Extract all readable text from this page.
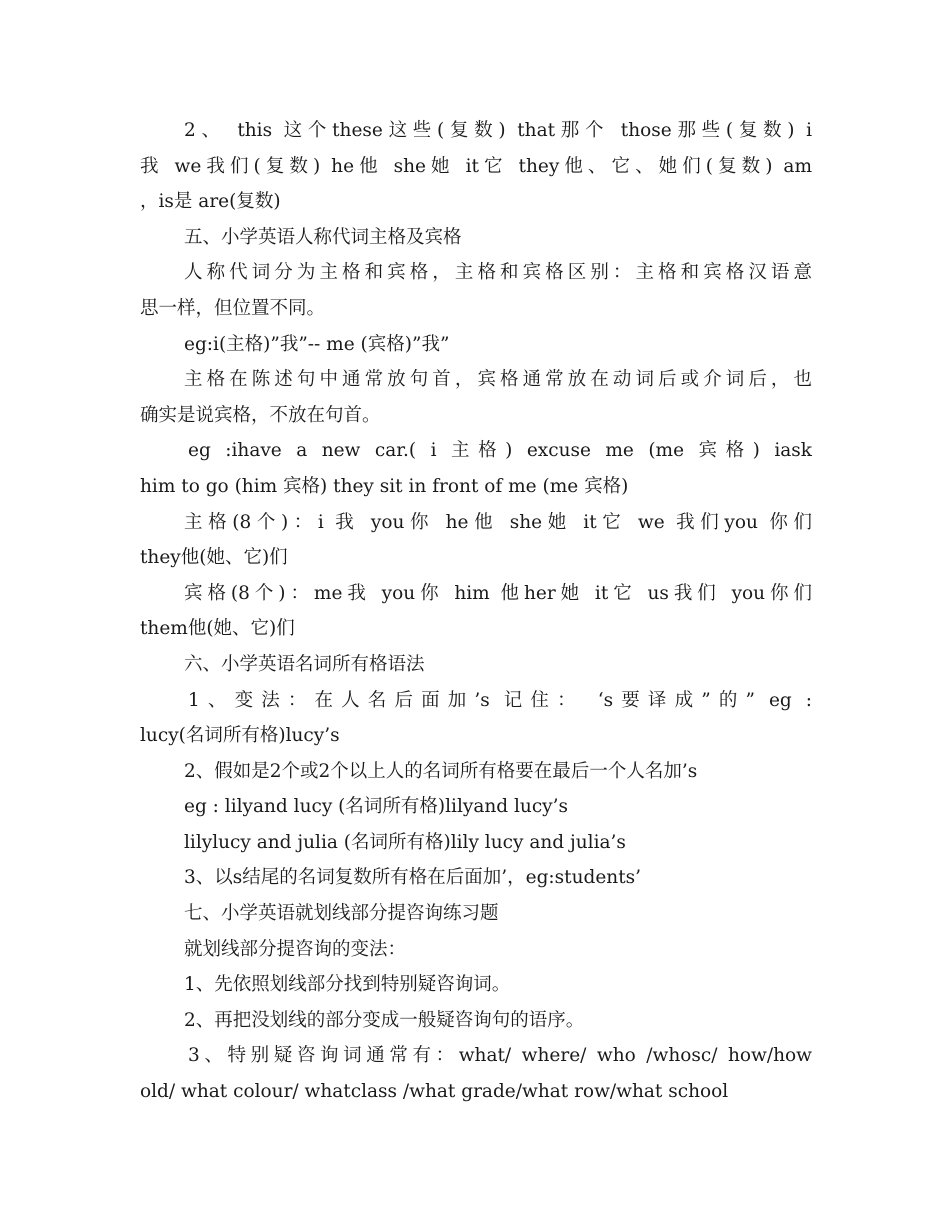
2、 this 这个these这些(复数) that那个 those那些(复数) i
我 we我们(复数) he他 she她 it它 they他、它、她们(复数) am
，is是 are(复数)
五、小学英语人称代词主格及宾格
人称代词分为主格和宾格，主格和宾格区别：主格和宾格汉语意
思一样，但位置不同。
eg:i(主格)”我”-- me (宾格)”我”
主格在陈述句中通常放句首，宾格通常放在动词后或介词后，也
确实是说宾格，不放在句首。
eg :ihave a new car.( i 主格) excuse me (me 宾格) iask
him to go (him 宾格) they sit in front of me (me 宾格)
主格(8个)：i 我 you你 he他 she她 it它 we 我们you 你们
they他(她、它)们
宾格(8个)：me我 you你 him 他her她 it它 us我们 you你们
them他(她、它)们
六、小学英语名词所有格语法
1、变法：在人名后面加’s 记住： ‘s要译成”的” eg :
lucy(名词所有格)lucy’s
2、假如是2个或2个以上人的名词所有格要在最后一个人名加’s
eg : lilyand lucy (名词所有格)lilyand lucy’s
lilylucy and julia (名词所有格)lily lucy and julia’s
3、以s结尾的名词复数所有格在后面加’，eg:students’
七、小学英语就划线部分提咨询练习题
就划线部分提咨询的变法：
1、先依照划线部分找到特别疑咨询词。
2、再把没划线的部分变成一般疑咨询句的语序。
3、特别疑咨询词通常有：what/ where/ who /whosc/ how/how
old/ what colour/ whatclass /what grade/what row/what school
